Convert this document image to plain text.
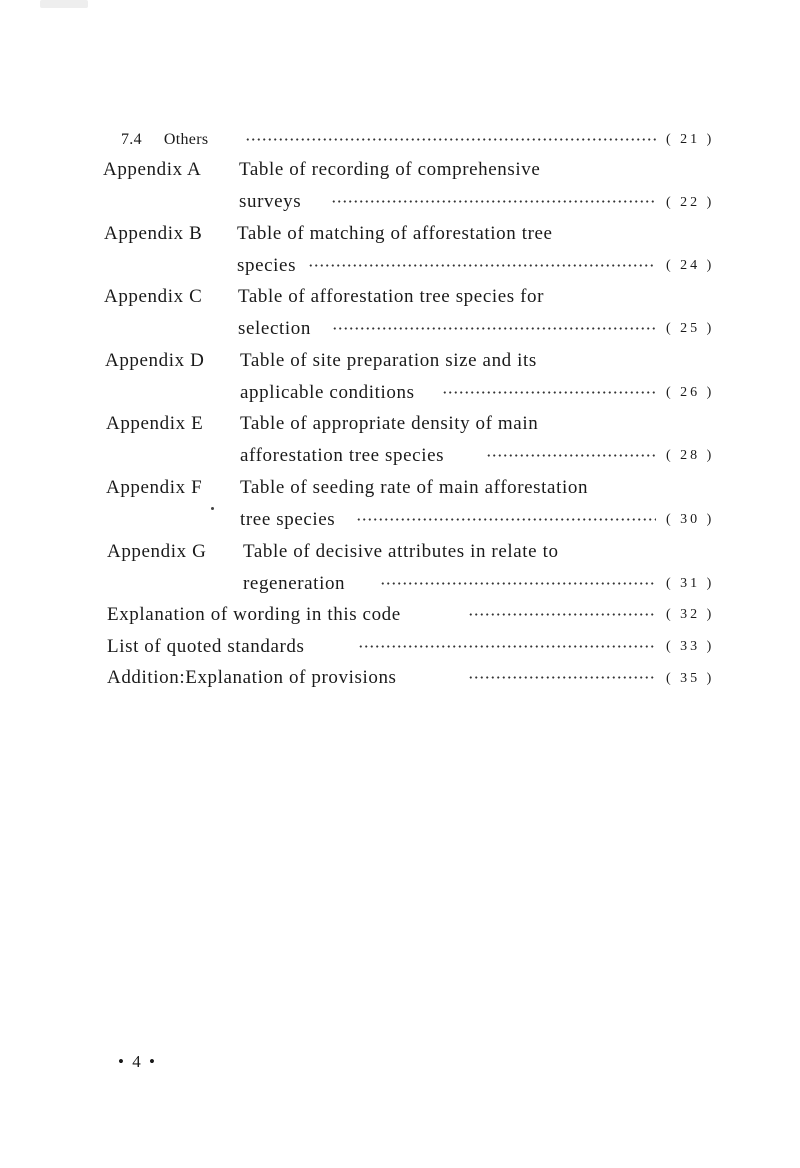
7.4 Others	( 21 )
Appendix A	Table of recording of comprehensive
surveys	( 22 )
Appendix B	Table of matching of afforestation tree
species	( 24 )
Appendix C	Table of afforestation tree species for
selection	( 25 )
Appendix D	Table of site preparation size and its
applicable conditions	( 26 )
Appendix E	Table of appropriate density of main
afforestation tree species	( 28 )
Appendix F	Table of seeding rate of main afforestation
tree species	( 30 )
Appendix G	Table of decisive attributes in relate to
regeneration	( 31 )
Explanation of wording in this code	( 32 )
List of quoted standards	( 33 )
Addition:Explanation of provisions	( 35 )
• 4 •
